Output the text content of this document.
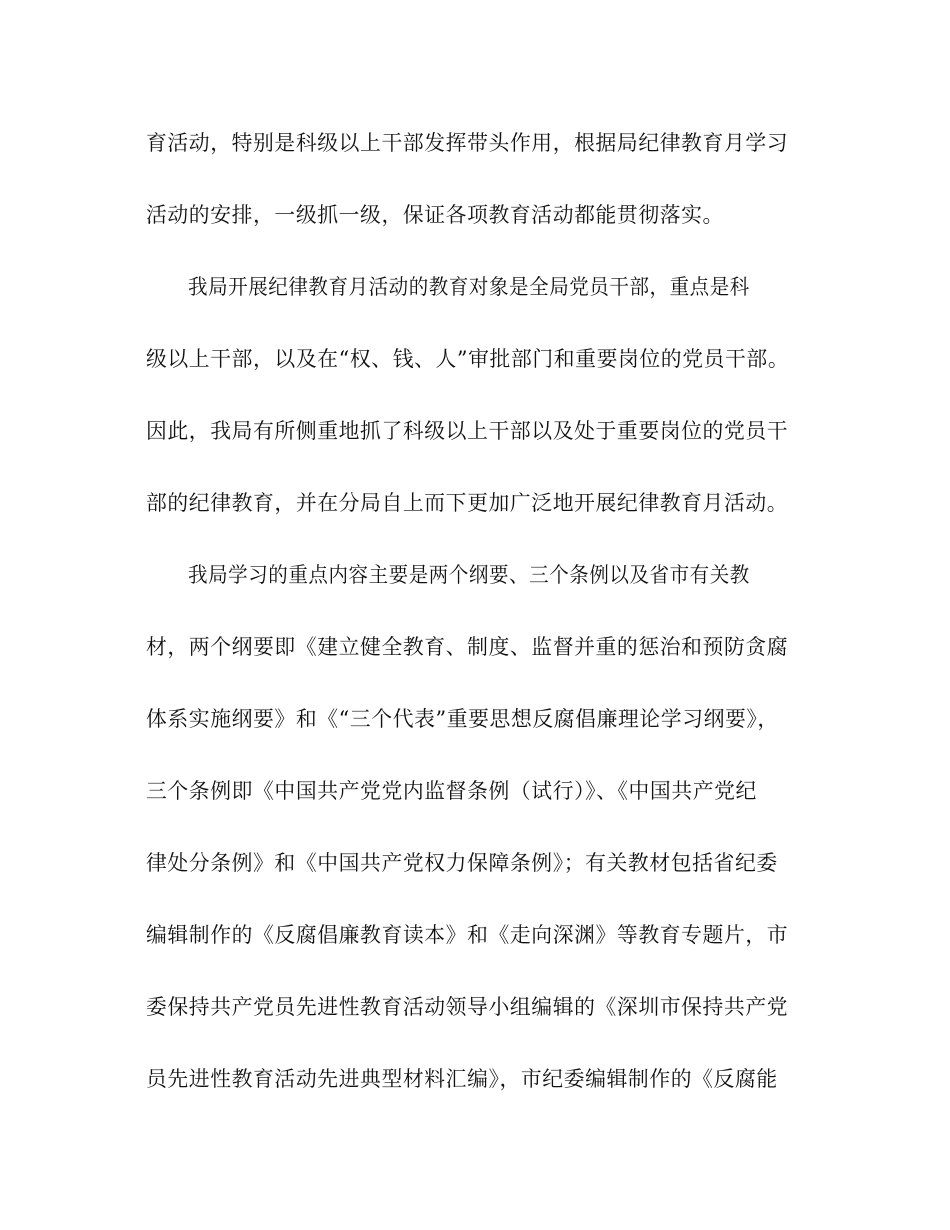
育活动，特别是科级以上干部发挥带头作用，根据局纪律教育月学习

活动的安排，一级抓一级，保证各项教育活动都能贯彻落实。

我局开展纪律教育月活动的教育对象是全局党员干部，重点是科

级以上干部，以及在“权、钱、人”审批部门和重要岗位的党员干部。

因此，我局有所侧重地抓了科级以上干部以及处于重要岗位的党员干

部的纪律教育，并在分局自上而下更加广泛地开展纪律教育月活动。

我局学习的重点内容主要是两个纲要、三个条例以及省市有关教

材，两个纲要即《建立健全教育、制度、监督并重的惩治和预防贪腐

体系实施纲要》和《“三个代表”重要思想反腐倡廉理论学习纲要》，

三个条例即《中国共产党党内监督条例（试行）》、《中国共产党纪

律处分条例》和《中国共产党权力保障条例》；有关教材包括省纪委

编辑制作的《反腐倡廉教育读本》和《走向深渊》等教育专题片，市

委保持共产党员先进性教育活动领导小组编辑的《深圳市保持共产党

员先进性教育活动先进典型材料汇编》，市纪委编辑制作的《反腐能
